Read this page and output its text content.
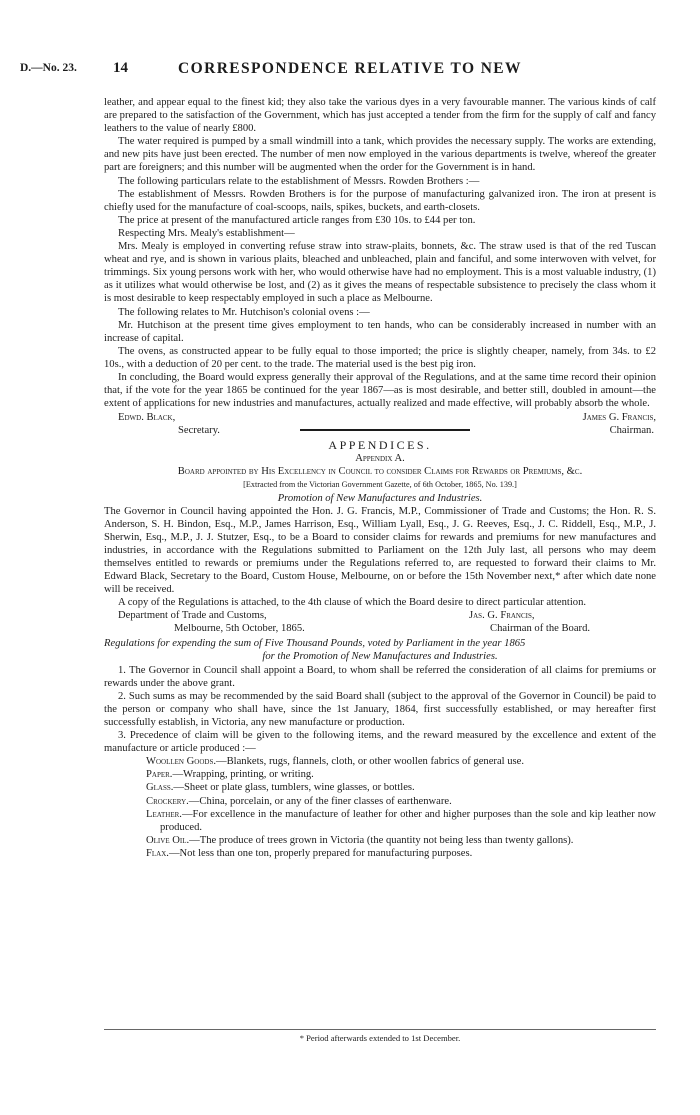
D.—No. 23. 14	CORRESPONDENCE RELATIVE TO NEW

leather, and appear equal to the finest kid; they also take the various dyes in a very favourable manner. The various kinds of calf are prepared to the satisfaction of the Government, which has just accepted a tender from the firm for the supply of calf and fancy leathers to the value of nearly £800.

The water required is pumped by a small windmill into a tank, which provides the necessary supply. The works are extending, and new pits have just been erected. The number of men now employed in the various departments is twelve, whereof the greater part are foreigners; and this number will be augmented when the order for the Government is in hand.

The following particulars relate to the establishment of Messrs. Rowden Brothers :—

The establishment of Messrs. Rowden Brothers is for the purpose of manufacturing galvanized iron. The iron at present is chiefly used for the manufacture of coal-scoops, nails, spikes, buckets, and earth-closets.

The price at present of the manufactured article ranges from £30 10s. to £44 per ton.

Respecting Mrs. Mealy's establishment—

Mrs. Mealy is employed in converting refuse straw into straw-plaits, bonnets, &c. The straw used is that of the red Tuscan wheat and rye, and is shown in various plaits, bleached and unbleached, plain and fanciful, and some interwoven with velvet, for trimmings. Six young persons work with her, who would otherwise have had no employment. This is a most valuable industry, (1) as it utilizes what would otherwise be lost, and (2) as it gives the means of respectable subsistence to precisely the class whom it is most desirable to keep respectably employed in such a place as Melbourne.

The following relates to Mr. Hutchison's colonial ovens :—

Mr. Hutchison at the present time gives employment to ten hands, who can be considerably increased in number with an increase of capital.

The ovens, as constructed appear to be fully equal to those imported; the price is slightly cheaper, namely, from 34s. to £2 10s., with a deduction of 20 per cent. to the trade. The material used is the best pig iron.

In concluding, the Board would express generally their approval of the Regulations, and at the same time record their opinion that, if the vote for the year 1865 be continued for the year 1867—as is most desirable, and better still, doubled in amount—the extent of applications for new industries and manufactures, actually realized and made effective, will probably absorb the whole.

Edwd. Black,
Secretary.
James G. Francis,
Chairman.

APPENDICES.

Appendix A.

Board appointed by His Excellency in Council to consider Claims for Rewards or Premiums, &c.

[Extracted from the Victorian Government Gazette, of 6th October, 1865, No. 139.]

Promotion of New Manufactures and Industries.

The Governor in Council having appointed the Hon. J. G. Francis, M.P., Commissioner of Trade and Customs; the Hon. R. S. Anderson, S. H. Bindon, Esq., M.P., James Harrison, Esq., William Lyall, Esq., J. G. Reeves, Esq., J. C. Riddell, Esq., M.P., J. Sherwin, Esq., M.P., J. J. Stutzer, Esq., to be a Board to consider claims for rewards and premiums for new manufactures and industries, in accordance with the Regulations submitted to Parliament on the 12th July last, all persons who may deem themselves entitled to rewards or premiums under the Regulations referred to, are requested to forward their claims to Mr. Edward Black, Secretary to the Board, Custom House, Melbourne, on or before the 15th November next,* after which date none will be received.

A copy of the Regulations is attached, to the 4th clause of which the Board desire to direct particular attention.

Department of Trade and Customs,
Melbourne, 5th October, 1865.
Jas. G. Francis,
Chairman of the Board.

Regulations for expending the sum of Five Thousand Pounds, voted by Parliament in the year 1865

for the Promotion of New Manufactures and Industries.

1. The Governor in Council shall appoint a Board, to whom shall be referred the consideration of all claims for premiums or rewards under the above grant.

2. Such sums as may be recommended by the said Board shall (subject to the approval of the Governor in Council) be paid to the person or company who shall have, since the 1st January, 1864, first successfully established, or may hereafter first successfully establish, in Victoria, any new manufacture or production.

3. Precedence of claim will be given to the following items, and the reward measured by the excellence and extent of the manufacture or article produced :—

Woollen Goods.—Blankets, rugs, flannels, cloth, or other woollen fabrics of general use.

Paper.—Wrapping, printing, or writing.

Glass.—Sheet or plate glass, tumblers, wine glasses, or bottles.

Crockery.—China, porcelain, or any of the finer classes of earthenware.

Leather.—For excellence in the manufacture of leather for other and higher purposes than the sole and kip leather now produced.

Olive Oil.—The produce of trees grown in Victoria (the quantity not being less than twenty gallons).

Flax.—Not less than one ton, properly prepared for manufacturing purposes.

* Period afterwards extended to 1st December.
